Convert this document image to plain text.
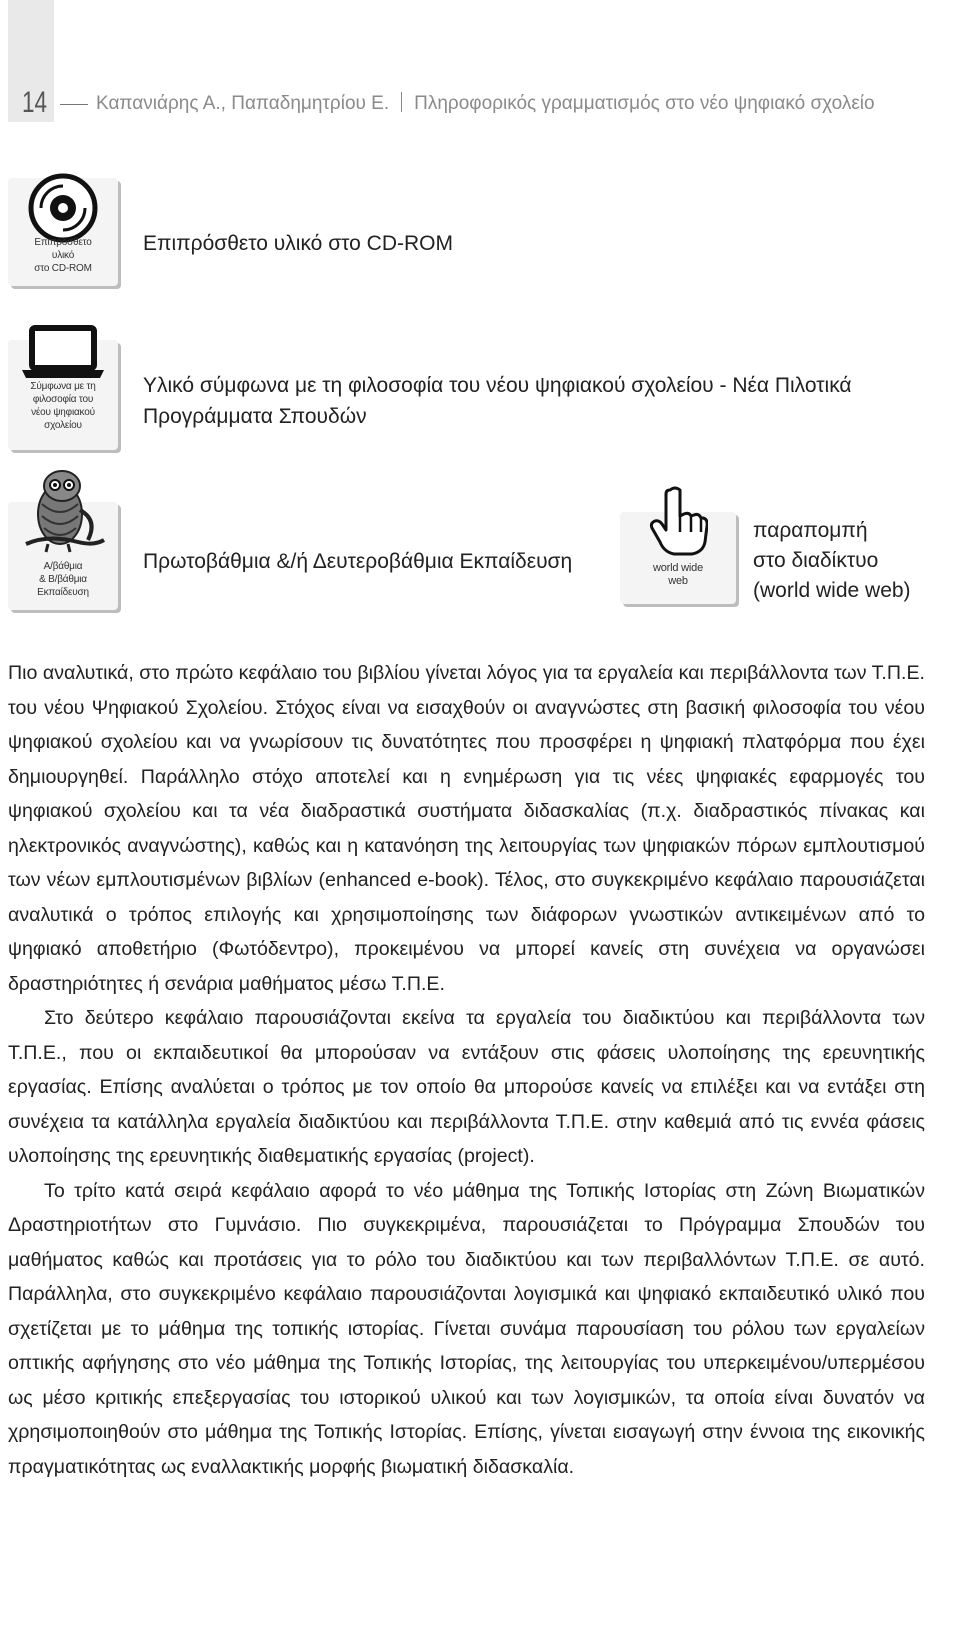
14	Καπανιάρης Α., Παπαδημητρίου Ε. Πληροφορικός γραμματισμός στο νέο ψηφιακό σχολείο
Επιπρόσθετο
υλικό
στο CD-ROM
Επιπρόσθετο υλικό στο CD-ROM
Σύμφωνα με τη
φιλοσοφία του
νέου ψηφιακού
σχολείου
Υλικό σύμφωνα με τη φιλοσοφία του νέου ψηφιακού σχολείου - Νέα Πιλοτικά
Προγράμματα Σπουδών
Α/βάθμια
& Β/βάθμια
Εκπαίδευση
Πρωτοβάθμια &/ή Δευτεροβάθμια Εκπαίδευση	world wide
web
παραπομπή
στο διαδίκτυο
(world wide web)

Πιο αναλυτικά, στο πρώτο κεφάλαιο του βιβλίου γίνεται λόγος για τα εργαλεία και περιβάλλοντα των Τ.Π.Ε. του νέου Ψηφιακού Σχολείου. Στόχος είναι να εισαχθούν οι αναγνώστες στη βασική φιλοσοφία του νέου ψηφιακού σχολείου και να γνωρίσουν τις δυνατότητες που προσφέρει η ψηφιακή πλατφόρμα που έχει δημιουργηθεί. Παράλληλο στόχο αποτελεί και η ενημέρωση για τις νέες ψηφιακές εφαρμογές του ψηφιακού σχολείου και τα νέα διαδραστικά συστήματα διδασκαλίας (π.χ. διαδραστικός πίνακας και ηλεκτρονικός αναγνώστης), καθώς και η κατανόηση της λειτουργίας των ψηφιακών πόρων εμπλουτισμού των νέων εμπλουτισμένων βιβλίων (enhanced e-book). Τέλος, στο συγκεκριμένο κεφάλαιο παρουσιάζεται αναλυτικά ο τρόπος επιλογής και χρησιμοποίησης των διάφορων γνωστικών αντικειμένων από το ψηφιακό αποθετήριο (Φωτόδεντρο), προκειμένου να μπορεί κανείς στη συνέχεια να οργανώσει δραστηριότητες ή σενάρια μαθήματος μέσω Τ.Π.Ε.

Στο δεύτερο κεφάλαιο παρουσιάζονται εκείνα τα εργαλεία του διαδικτύου και περιβάλλοντα των Τ.Π.Ε., που οι εκπαιδευτικοί θα μπορούσαν να εντάξουν στις φάσεις υλοποίησης της ερευνητικής εργασίας. Επίσης αναλύεται ο τρόπος με τον οποίο θα μπορούσε κανείς να επιλέξει και να εντάξει στη συνέχεια τα κατάλληλα εργαλεία διαδικτύου και περιβάλλοντα Τ.Π.Ε. στην καθεμιά από τις εννέα φάσεις υλοποίησης της ερευνητικής διαθεματικής εργασίας (project).

Το τρίτο κατά σειρά κεφάλαιο αφορά το νέο μάθημα της Τοπικής Ιστορίας στη Ζώνη Βιωματικών Δραστηριοτήτων στο Γυμνάσιο. Πιο συγκεκριμένα, παρουσιάζεται το Πρόγραμμα Σπουδών του μαθήματος καθώς και προτάσεις για το ρόλο του διαδικτύου και των περιβαλλόντων Τ.Π.Ε. σε αυτό. Παράλληλα, στο συγκεκριμένο κεφάλαιο παρουσιάζονται λογισμικά και ψηφιακό εκπαιδευτικό υλικό που σχετίζεται με το μάθημα της τοπικής ιστορίας. Γίνεται συνάμα παρουσίαση του ρόλου των εργαλείων οπτικής αφήγησης στο νέο μάθημα της Τοπικής Ιστορίας, της λειτουργίας του υπερκειμένου/υπερμέσου ως μέσο κριτικής επεξεργασίας του ιστορικού υλικού και των λογισμικών, τα οποία είναι δυνατόν να χρησιμοποιηθούν στο μάθημα της Τοπικής Ιστορίας. Επίσης, γίνεται εισαγωγή στην έννοια της εικονικής πραγματικότητας ως εναλλακτικής μορφής βιωματική διδασκαλία.
